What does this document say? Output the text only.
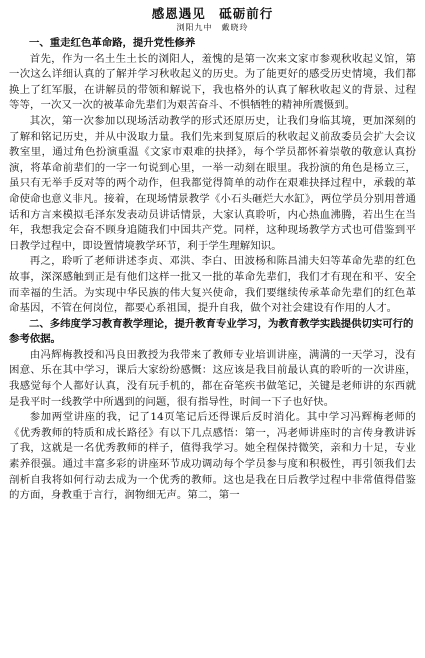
感恩遇见　砥砺前行
浏阳九中　戴晓玲
一、重走红色革命路，提升党性修养

首先，作为一名土生土长的浏阳人，羞愧的是第一次来文家市参观秋收起义馆，第一次这么详细认真的了解并学习秋收起义的历史。为了能更好的感受历史情境，我们都换上了红军服，在讲解员的带领和解说下，我也格外的认真了解秋收起义的背景、过程等等，一次又一次的被革命先辈们为艰苦奋斗、不惧牺牲的精神所震慑到。

其次，第一次参加以现场活动教学的形式还原历史，让我们身临其境，更加深刻的了解和铭记历史，并从中汲取力量。我们先来到复原后的秋收起义前敌委员会扩大会议教室里，通过角色扮演重温《文家市艰难的抉择》，每个学员都怀着崇敬的敬意认真扮演，将革命前辈们的一字一句说到心里，一举一动刻在眼里。我扮演的角色是杨立三，虽只有无举手反对等的两个动作，但我都觉得简单的动作在艰难抉择过程中，承载的革命使命也意义非凡。接着，在现场情景教学《小石头砸烂大水缸》，两位学员分别用普通话和方言来模拟毛泽东发表动员讲话情景，大家认真聆听，内心热血沸腾，若出生在当年，我想我定会奋不顾身追随我们中国共产党。同样，这种现场教学方式也可借鉴到平日教学过程中，即设置情境教学环节，利于学生理解知识。

再之，聆听了老师讲述李贞、邓洪、李白、田波杨和陈昌浦夫妇等革命先辈的红色故事，深深感触到正是有他们这样一批又一批的革命先辈们，我们才有现在和平、安全而幸福的生活。为实现中华民族的伟大复兴使命，我们要继续传承革命先辈们的红色革命基因，不管在何岗位，都要心系祖国，提升自我，做个对社会建设有作用的人才。

二、多纬度学习教育教学理论，提升教育专业学习，为教育教学实践提供切实可行的参考依据。

由冯辉梅教授和冯良田教授为我带来了教师专业培训讲座，满满的一天学习，没有困意、乐在其中学习，课后大家纷纷感慨：这应该是我目前最认真的聆听的一次讲座，我感觉每个人都好认真，没有玩手机的，都在奋笔疾书做笔记，关键是老师讲的东西就是我平时一线教学中所遇到的问题，很有指导性，时间一下子也好快。

参加两堂讲座的我，记了14页笔记后还得课后反时消化。其中学习冯辉梅老师的《优秀教师的特质和成长路径》有以下几点感悟：第一，冯老师讲座时的言传身教讲诉了我，这就是一名优秀教师的样子，值得我学习。她全程保持微笑，亲和力十足，专业素养很强。通过丰富多彩的讲座环节成功调动每个学员参与度和积极性，再引领我们去剖析自我将如何行动去成为一个优秀的教师。这也是我在日后教学过程中非常值得借鉴的方面，身教重于言行，润物细无声。第二，第一
